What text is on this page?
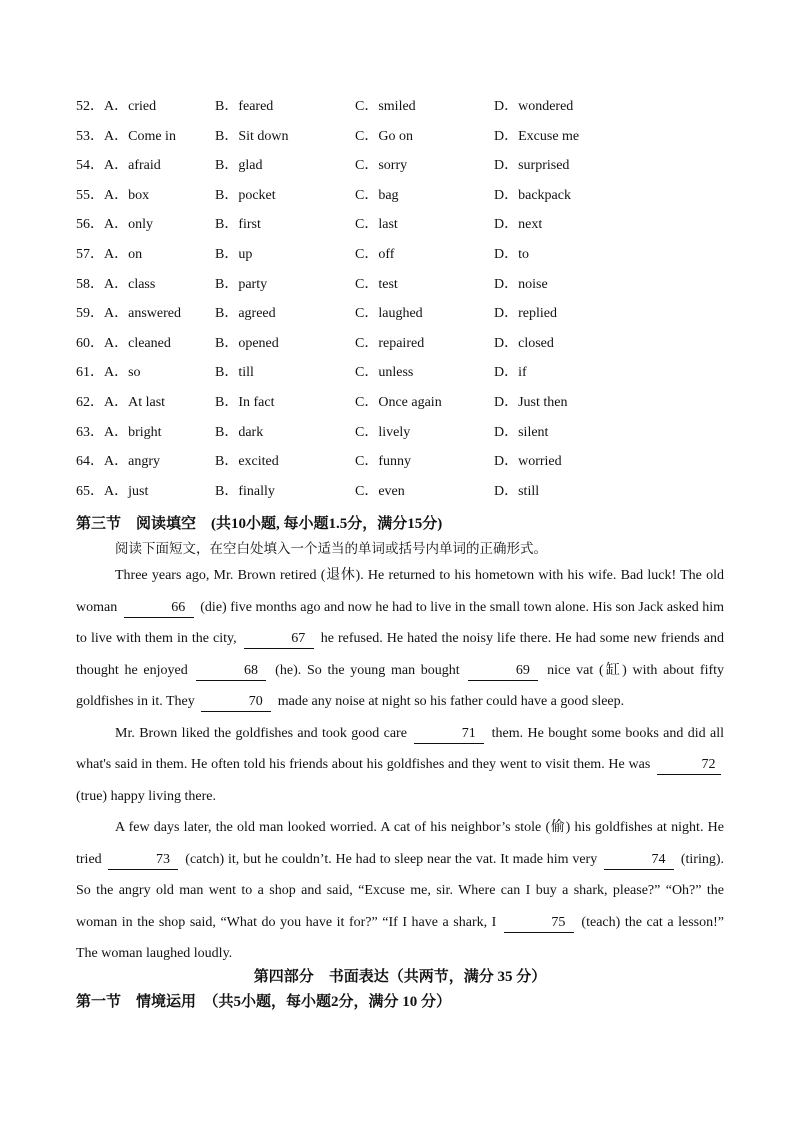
52． A．cried	B．feared	C．smiled	D．wondered
53． A．Come in	B．Sit down	C．Go on	D．Excuse me
54． A．afraid	B．glad	C．sorry	D．surprised
55． A．box	B．pocket	C．bag	D．backpack
56． A．only	B．first	C．last	D．next
57． A．on	B．up	C．off	D．to
58． A．class	B．party	C．test	D．noise
59． A．answered B．agreed	C．laughed	D．replied
60． A．cleaned	B．opened	C．repaired	D．closed
61． A．so	B．till	C．unless	D．if
62． A．At last	B．In fact	C．Once again	D．Just then
63． A．bright	B．dark	C．lively	D．silent
64． A．angry	B．excited	C．funny	D．worried
65． A．just	B．finally	C．even	D．still
第三节　阅读填空　(共10小题, 每小题1.5分，满分15分)
阅读下面短文，在空白处填入一个适当的单词或括号内单词的正确形式。

Three years ago, Mr. Brown retired (退休). He returned to his hometown with his wife. Bad luck! The old woman	66 (die) five months ago and now he had to live in the small town alone. His son Jack asked him to live with them in the city,	67 he refused. He hated the noisy life there. He had some new friends and thought he enjoyed	68 (he). So the young man bought	69 nice vat (缸) with about fifty goldfishes in it. They	70 made any noise at night so his father could have a good sleep.

Mr. Brown liked the goldfishes and took good care	71 them. He bought some books and did all what's said in them. He often told his friends about his goldfishes and they went to visit them. He was	72 (true) happy living there.

A few days later, the old man looked worried. A cat of his neighbor’s stole (偷) his goldfishes at night. He tried	73 (catch) it, but he couldn’t. He had to sleep near the vat. It made him very	74 (tiring). So the angry old man went to a shop and said, “Excuse me, sir. Where can I buy a shark, please?” “Oh?” the woman in the shop said, “What do you have it for?” “If I have a shark, I	75 (teach) the cat a lesson!” The woman laughed loudly.

第四部分　书面表达（共两节，满分 35 分）
第一节　情境运用　（共5小题，每小题2分，满分 10 分）
